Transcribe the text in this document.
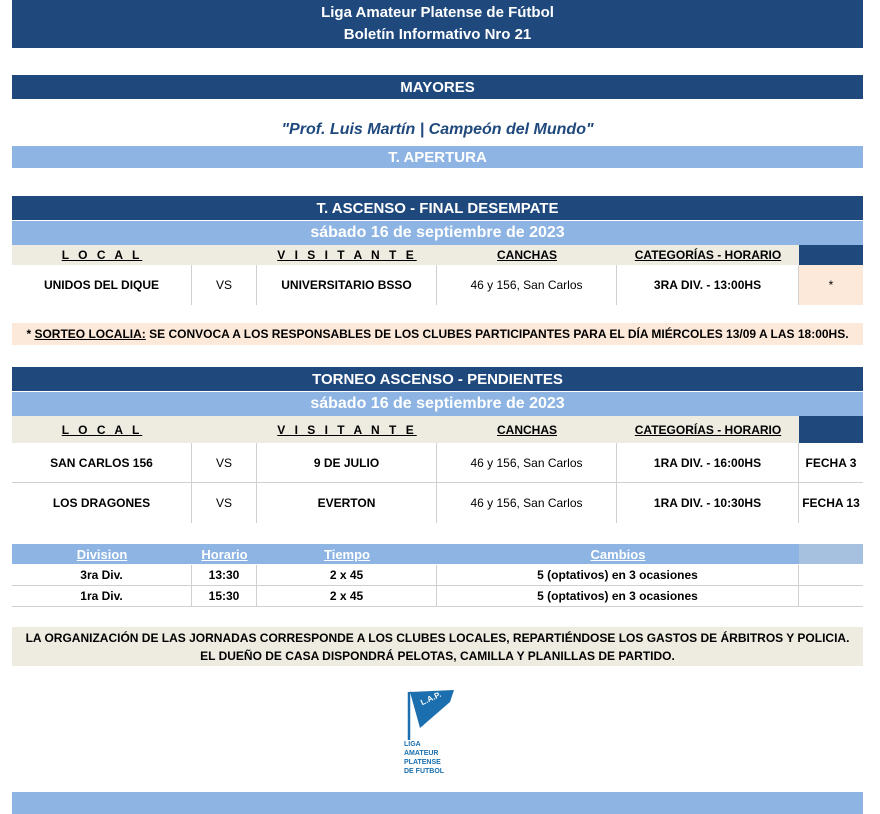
Liga Amateur Platense de Fútbol
Boletín Informativo Nro 21
MAYORES
"Prof. Luis Martín | Campeón del Mundo"
T. APERTURA
T. ASCENSO - FINAL DESEMPATE
sábado 16 de septiembre de 2023
L O C A L	V I S I T A N T E	CANCHAS	CATEGORÍAS - HORARIO
UNIDOS DEL DIQUE	VS	UNIVERSITARIO BSSO	46 y 156, San Carlos	3RA DIV. - 13:00HS	*
* SORTEO LOCALIA: SE CONVOCA A LOS RESPONSABLES DE LOS CLUBES PARTICIPANTES PARA EL DÍA MIÉRCOLES 13/09 A LAS 18:00HS.
TORNEO ASCENSO - PENDIENTES
sábado 16 de septiembre de 2023
L O C A L	V I S I T A N T E	CANCHAS	CATEGORÍAS - HORARIO
SAN CARLOS 156	VS	9 DE JULIO	46 y 156, San Carlos	1RA DIV. - 16:00HS	FECHA 3
LOS DRAGONES	VS	EVERTON	46 y 156, San Carlos	1RA DIV. - 10:30HS	FECHA 13
Division	Horario	Tiempo	Cambios
3ra Div.	13:30	2 x 45	5 (optativos) en 3 ocasiones
1ra Div.	15:30	2 x 45	5 (optativos) en 3 ocasiones
LA ORGANIZACIÓN DE LAS JORNADAS CORRESPONDE A LOS CLUBES LOCALES, REPARTIÉNDOSE LOS GASTOS DE ÁRBITROS Y POLICIA.
EL DUEÑO DE CASA DISPONDRÁ PELOTAS, CAMILLA Y PLANILLAS DE PARTIDO.
L.A.P.
LIGA
AMATEUR
PLATENSE
DE FUTBOL
